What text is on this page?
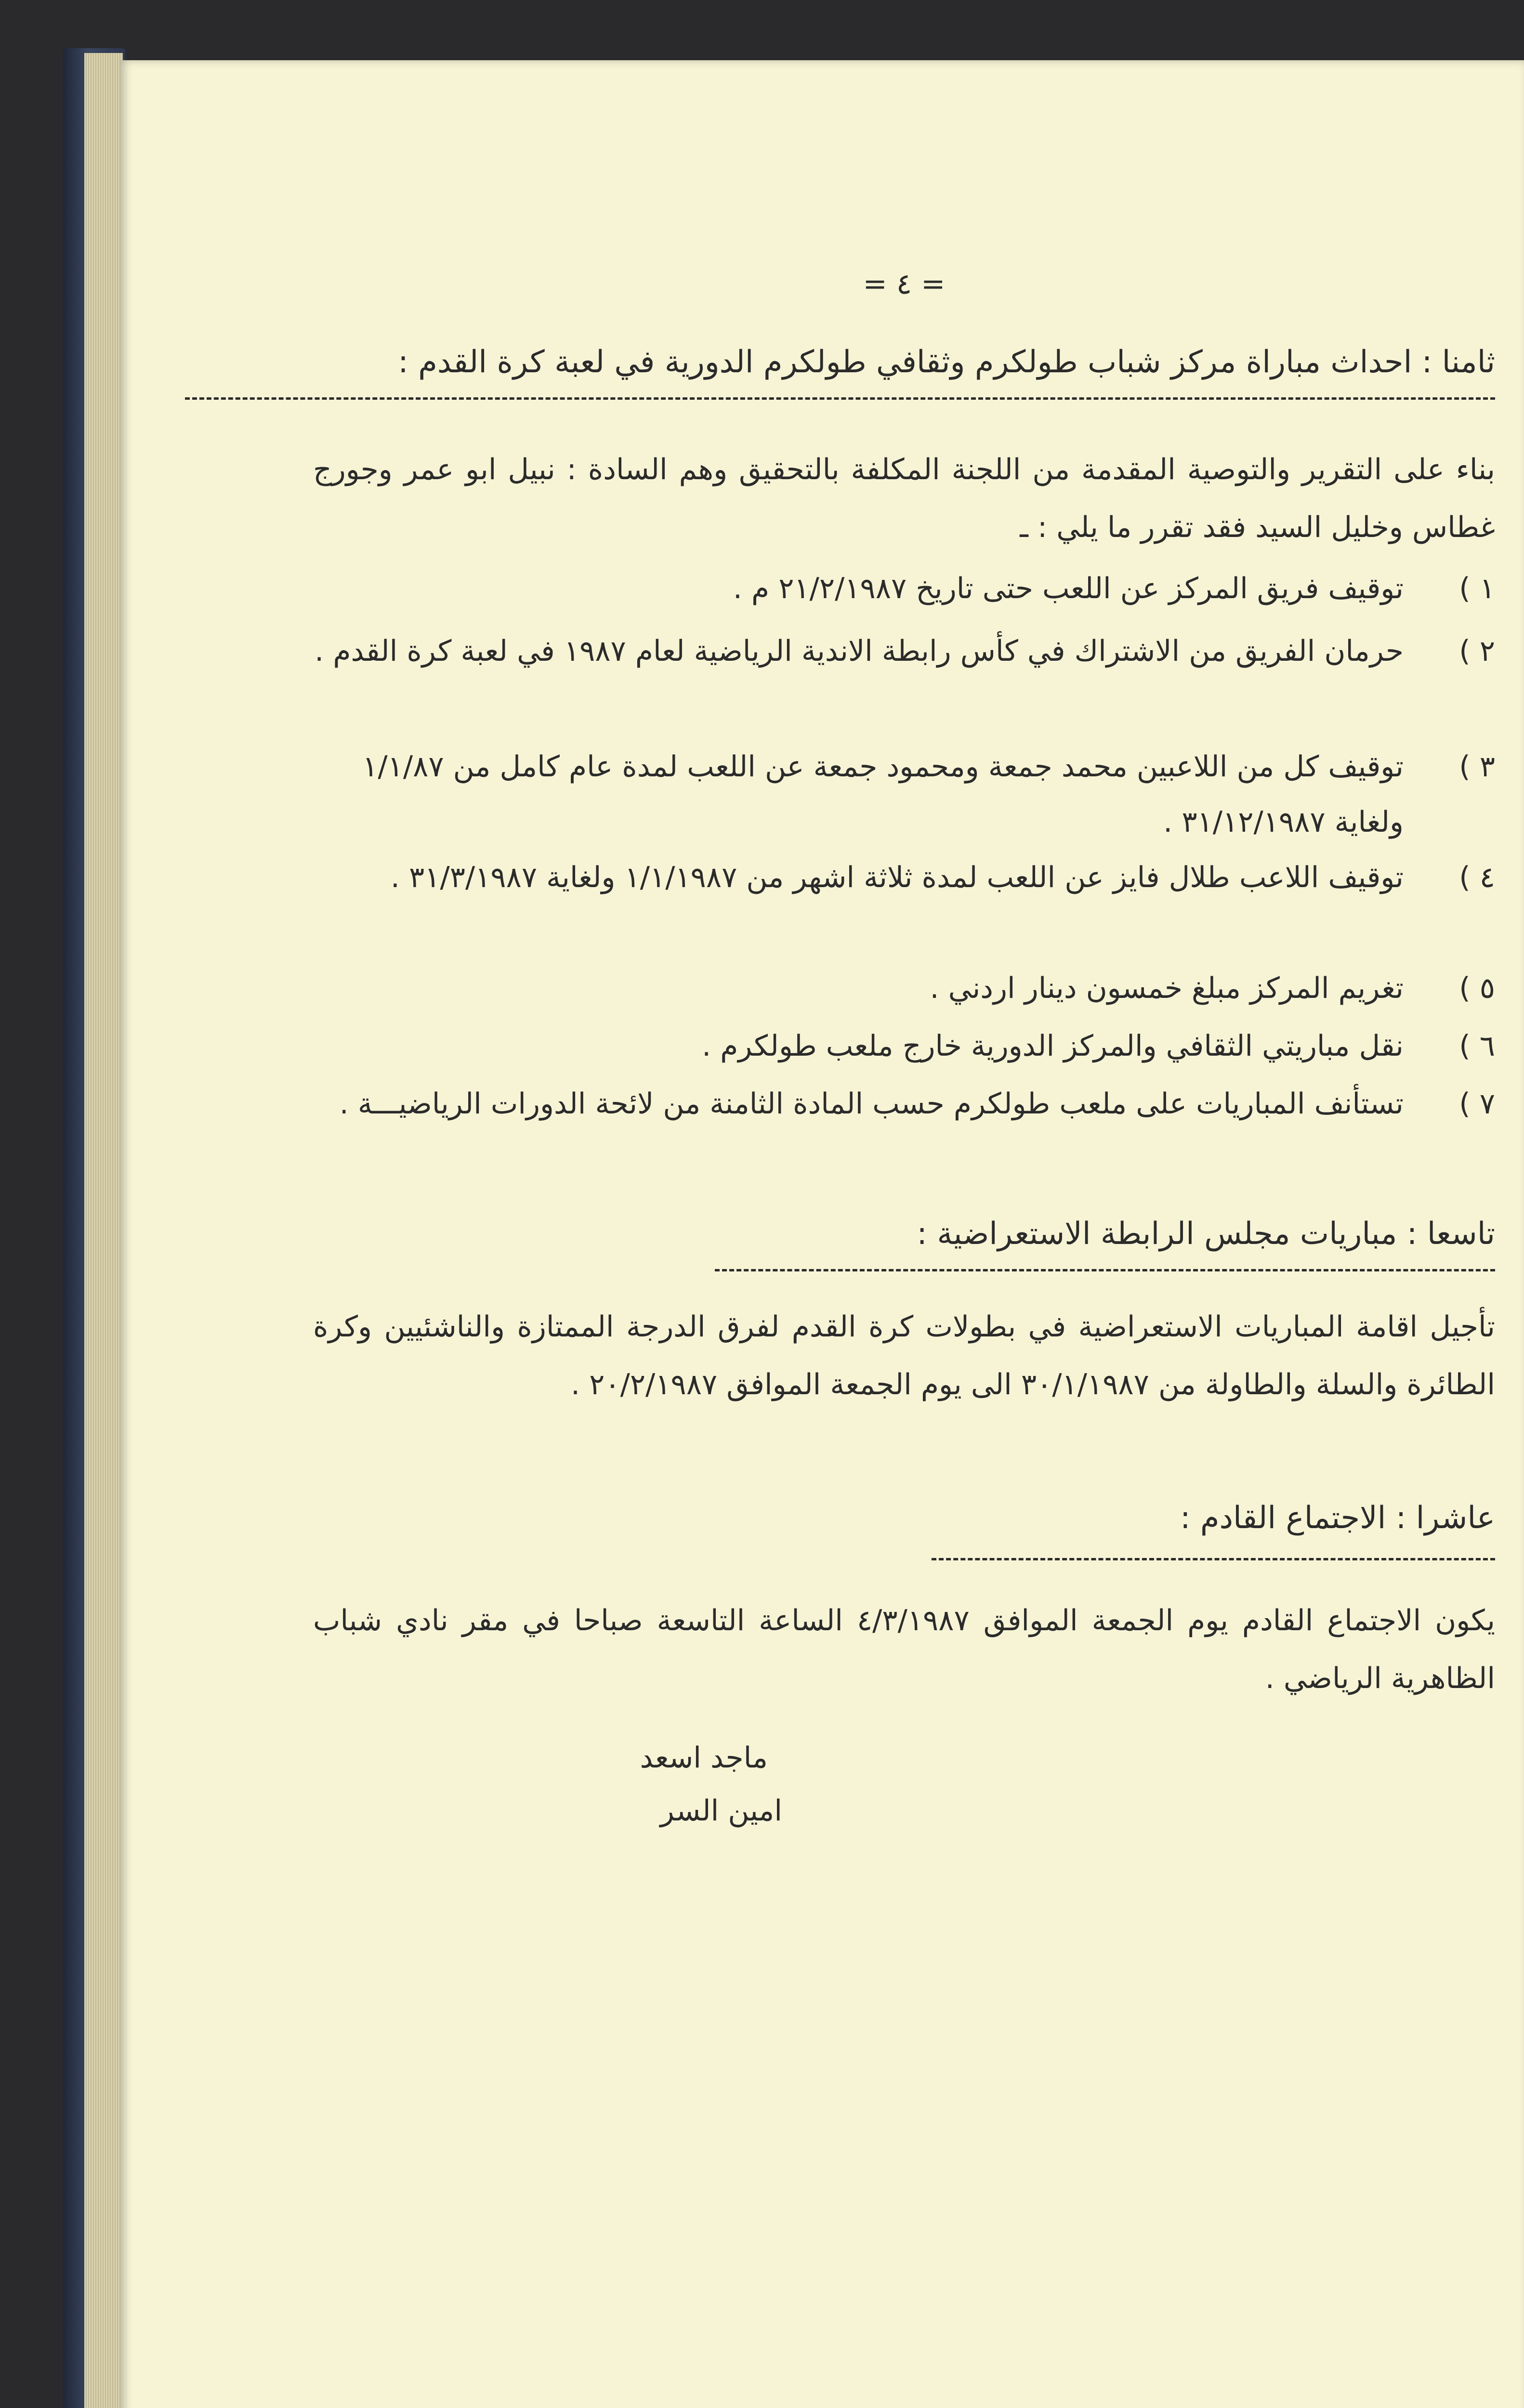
= ٤ =
ثامنا : احداث مباراة مركز شباب طولكرم وثقافي طولكرم الدورية في لعبة كرة القدم :
بناء على التقرير والتوصية المقدمة من اللجنة المكلفة بالتحقيق وهم السادة : نبيل ابو عمر وجورج غطاس وخليل السيد فقد تقرر ما يلي : ـ
١ )
توقيف فريق المركز عن اللعب حتى تاريخ ٢١/٢/١٩٨٧ م .
٢ )
حرمان الفريق من الاشتراك في كأس رابطة الاندية الرياضية لعام ١٩٨٧ في لعبة كرة القدم .
٣ )
توقيف كل من اللاعبين محمد جمعة ومحمود جمعة عن اللعب لمدة عام كامل من ١/١/٨٧ ولغاية ٣١/١٢/١٩٨٧ .
٤ )
توقيف اللاعب طلال فايز عن اللعب لمدة ثلاثة اشهر من ١/١/١٩٨٧ ولغاية ٣١/٣/١٩٨٧ .
٥ )
تغريم المركز مبلغ خمسون دينار اردني .
٦ )
نقل مباريتي الثقافي والمركز الدورية خارج ملعب طولكرم .
٧ )
تستأنف المباريات على ملعب طولكرم حسب المادة الثامنة من لائحة الدورات الرياضيـــة .
تاسعا : مباريات مجلس الرابطة الاستعراضية :
تأجيل اقامة المباريات الاستعراضية في بطولات كرة القدم لفرق الدرجة الممتازة والناشئيين وكرة الطائرة والسلة والطاولة من ٣٠/١/١٩٨٧ الى يوم الجمعة الموافق ٢٠/٢/١٩٨٧ .
عاشرا : الاجتماع القادم :
يكون الاجتماع القادم يوم الجمعة الموافق ٤/٣/١٩٨٧ الساعة التاسعة صباحا في مقر نادي شباب الظاهرية الرياضي .
ماجد اسعد
امين السر
